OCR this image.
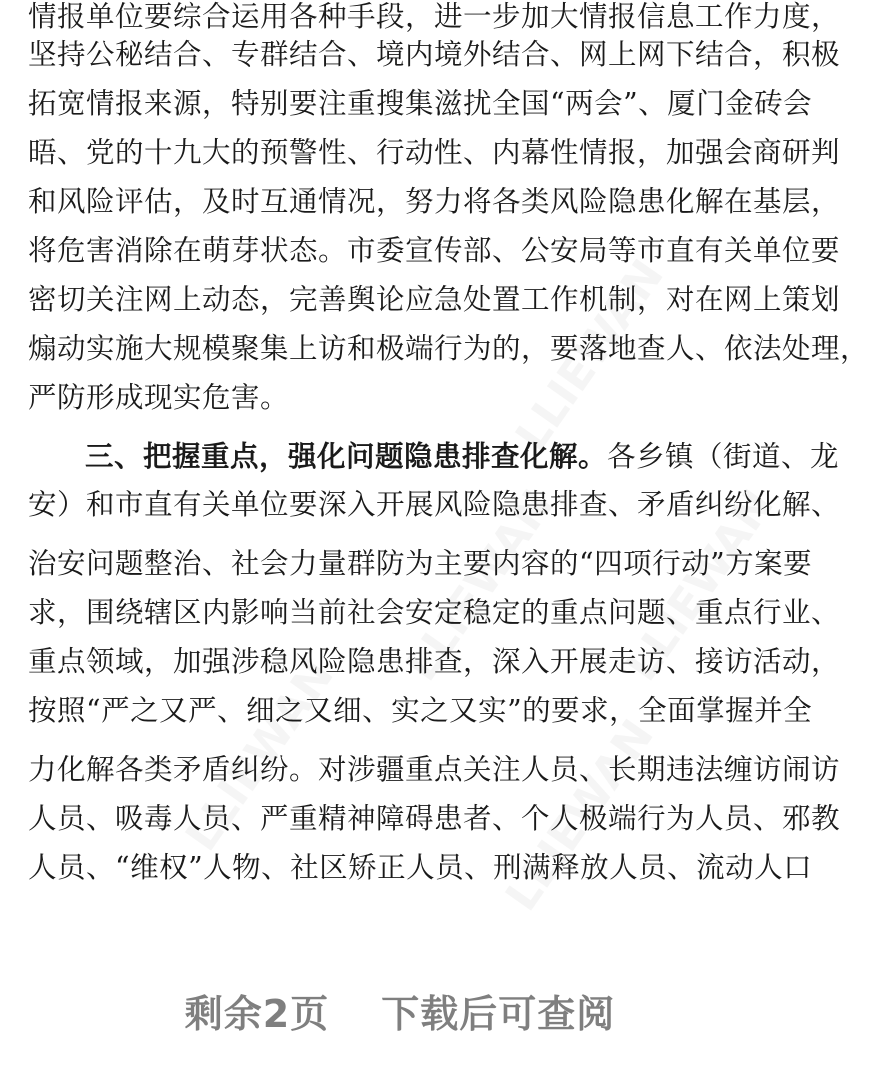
LLIEWAN
LLIEWAN LLIEWAN
LLIEWAN	LLIEWAN
情报单位要综合运用各种手段，进一步加大情报信息工作力度，
坚持公秘结合、专群结合、境内境外结合、网上网下结合，积极
拓宽情报来源，特别要注重搜集滋扰全国“两会”、厦门金砖会
晤、党的十九大的预警性、行动性、内幕性情报，加强会商研判
和风险评估，及时互通情况，努力将各类风险隐患化解在基层，
将危害消除在萌芽状态。市委宣传部、公安局等市直有关单位要
密切关注网上动态，完善舆论应急处置工作机制，对在网上策划
煽动实施大规模聚集上访和极端行为的，要落地查人、依法处理，
严防形成现实危害。
三、把握重点，强化问题隐患排查化解。各乡镇（街道、龙
安）和市直有关单位要深入开展风险隐患排查、矛盾纠纷化解、
治安问题整治、社会力量群防为主要内容的“四项行动”方案要
求，围绕辖区内影响当前社会安定稳定的重点问题、重点行业、
重点领域，加强涉稳风险隐患排查，深入开展走访、接访活动，
按照“严之又严、细之又细、实之又实”的要求，全面掌握并全
力化解各类矛盾纠纷。对涉疆重点关注人员、长期违法缠访闹访
人员、吸毒人员、严重精神障碍患者、个人极端行为人员、邪教
人员、“维权”人物、社区矫正人员、刑满释放人员、流动人口
剩余2页 下载后可查阅
